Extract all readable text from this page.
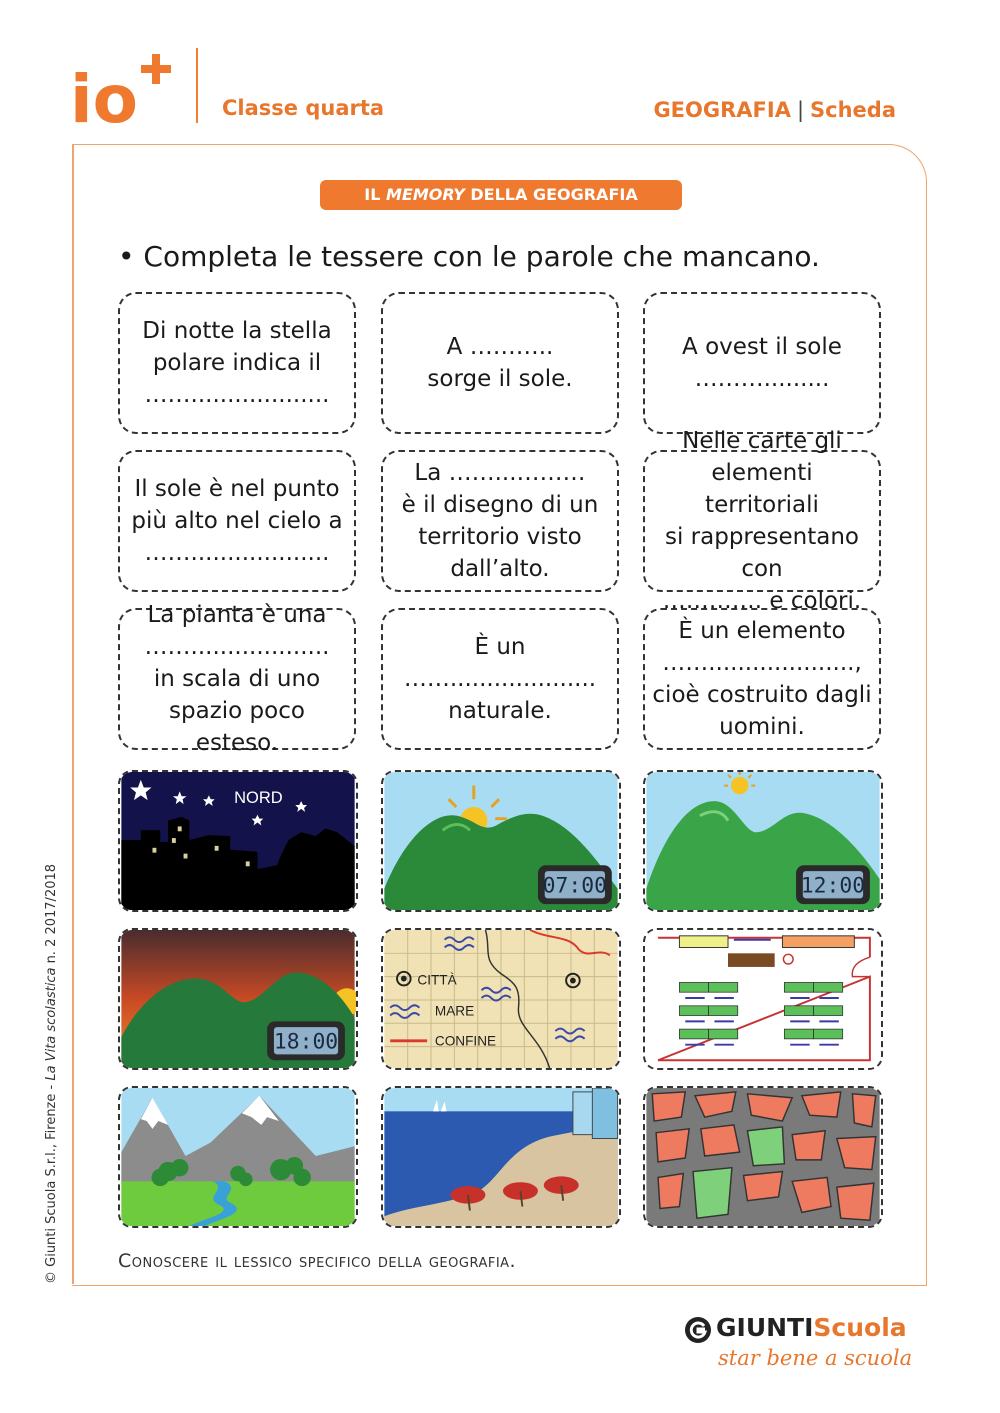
io	Classe quarta	GEOGRAFIA | Scheda
IL MEMORY DELLA GEOGRAFIA
• Completa le tessere con le parole che mancano.
Di notte la stella
polare indica il
……...................
A ………..
sorge il sole.
A ovest il sole
……….........
Il sole è nel punto
più alto nel cielo a
……...................
La ……...………
è il disegno di un
territorio visto
dall’alto.
Nelle carte gli
elementi territoriali
si rappresentano con
…………. e colori.
La pianta è una
……...................
in scala di uno
spazio poco esteso.
È un
……....................
naturale.
È un elemento
……....................,
cioè costruito dagli
uomini.
NORD
07:00	12:00
18:00
CITTÀ
MARE
CONFINE
Conoscere il lessico specifico della geografia.
© Giunti Scuola S.r.l., Firenze - La Vita scolastica n. 2 2017/2018
GIUNTIScuola
star bene a scuola
